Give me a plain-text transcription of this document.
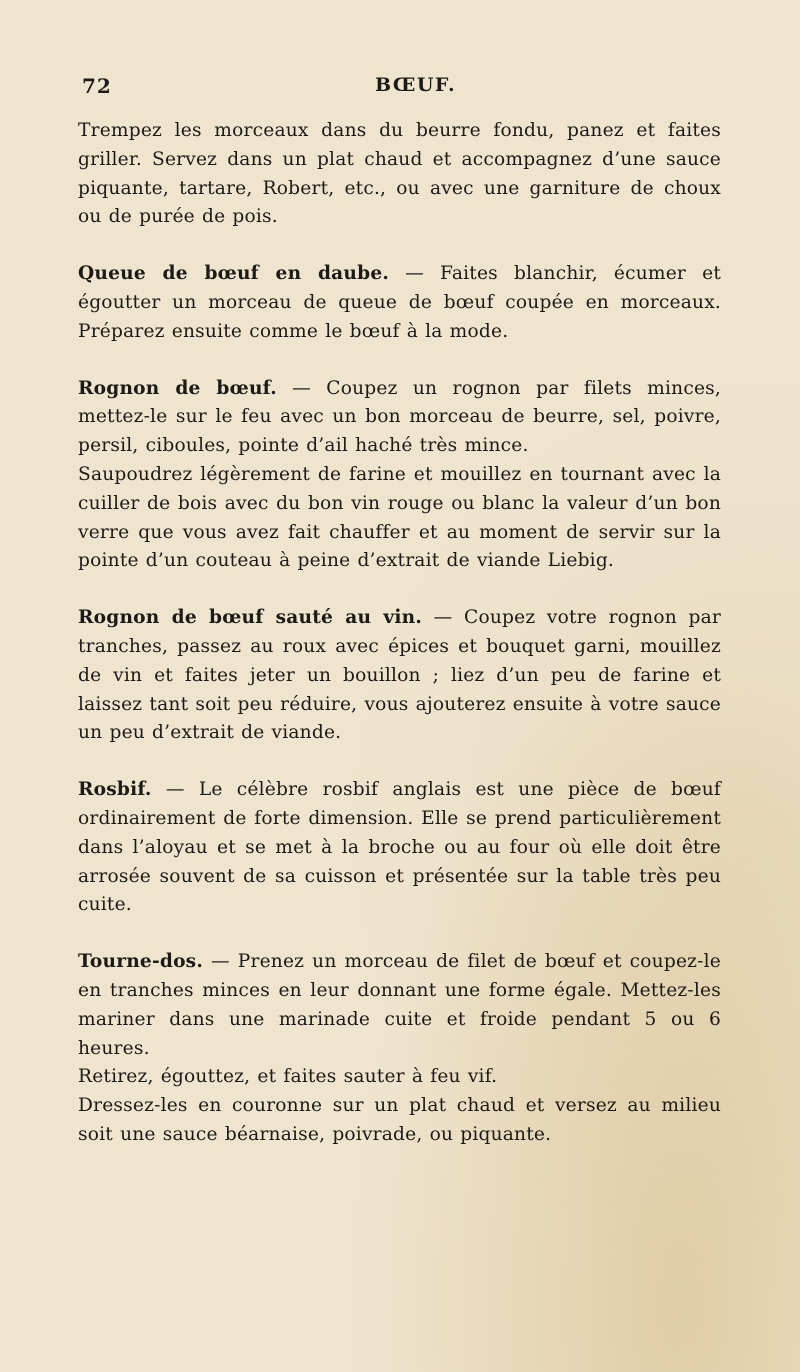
72	BŒUF.

Trempez les morceaux dans du beurre fondu, panez et faites griller. Servez dans un plat chaud et accompagnez d’une sauce piquante, tartare, Robert, etc., ou avec une garniture de choux ou de purée de pois.

Queue de bœuf en daube. — Faites blanchir, écumer et égoutter un morceau de queue de bœuf coupée en morceaux. Préparez ensuite comme le bœuf à la mode.

Rognon de bœuf. — Coupez un rognon par filets minces, mettez-le sur le feu avec un bon morceau de beurre, sel, poivre, persil, ciboules, pointe d’ail haché très mince.

Saupoudrez légèrement de farine et mouillez en tournant avec la cuiller de bois avec du bon vin rouge ou blanc la valeur d’un bon verre que vous avez fait chauffer et au moment de servir sur la pointe d’un couteau à peine d’extrait de viande Liebig.

Rognon de bœuf sauté au vin. — Coupez votre rognon par tranches, passez au roux avec épices et bouquet garni, mouillez de vin et faites jeter un bouillon ; liez d’un peu de farine et laissez tant soit peu réduire, vous ajouterez ensuite à votre sauce un peu d’extrait de viande.

Rosbif. — Le célèbre rosbif anglais est une pièce de bœuf ordinairement de forte dimension. Elle se prend particulièrement dans l’aloyau et se met à la broche ou au four où elle doit être arrosée souvent de sa cuisson et présentée sur la table très peu cuite.

Tourne-dos. — Prenez un morceau de filet de bœuf et coupez-le en tranches minces en leur donnant une forme égale. Mettez-les mariner dans une marinade cuite et froide pendant 5 ou 6 heures.

Retirez, égouttez, et faites sauter à feu vif.

Dressez-les en couronne sur un plat chaud et versez au milieu soit une sauce béarnaise, poivrade, ou piquante.
